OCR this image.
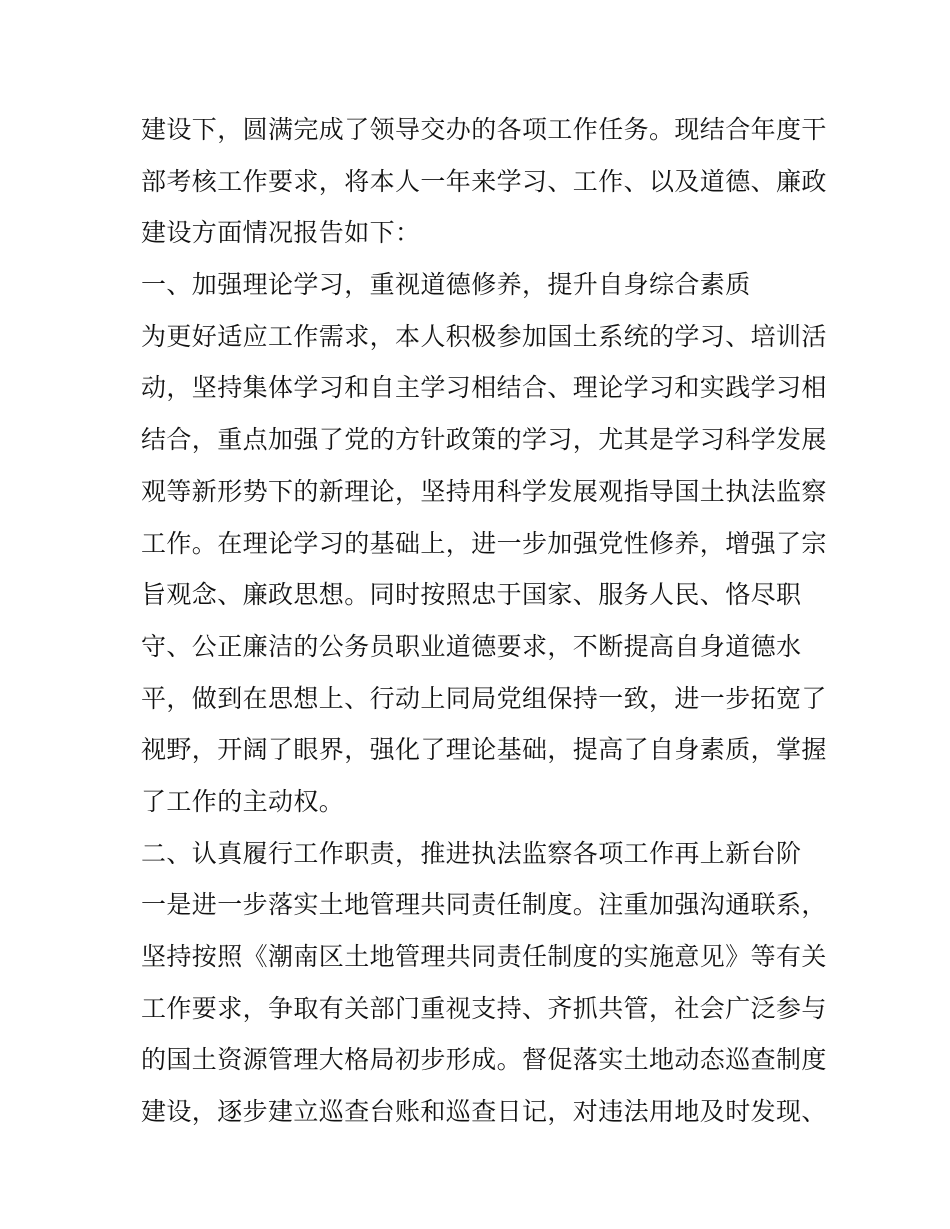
建设下，圆满完成了领导交办的各项工作任务。现结合年度干
部考核工作要求，将本人一年来学习、工作、以及道德、廉政
建设方面情况报告如下：
一、加强理论学习，重视道德修养，提升自身综合素质
为更好适应工作需求，本人积极参加国土系统的学习、培训活
动，坚持集体学习和自主学习相结合、理论学习和实践学习相
结合，重点加强了党的方针政策的学习，尤其是学习科学发展
观等新形势下的新理论，坚持用科学发展观指导国土执法监察
工作。在理论学习的基础上，进一步加强党性修养，增强了宗
旨观念、廉政思想。同时按照忠于国家、服务人民、恪尽职
守、公正廉洁的公务员职业道德要求，不断提高自身道德水
平，做到在思想上、行动上同局党组保持一致，进一步拓宽了
视野，开阔了眼界，强化了理论基础，提高了自身素质，掌握
了工作的主动权。
二、认真履行工作职责，推进执法监察各项工作再上新台阶
一是进一步落实土地管理共同责任制度。注重加强沟通联系，
坚持按照《潮南区土地管理共同责任制度的实施意见》等有关
工作要求，争取有关部门重视支持、齐抓共管，社会广泛参与
的国土资源管理大格局初步形成。督促落实土地动态巡查制度
建设，逐步建立巡查台账和巡查日记，对违法用地及时发现、
